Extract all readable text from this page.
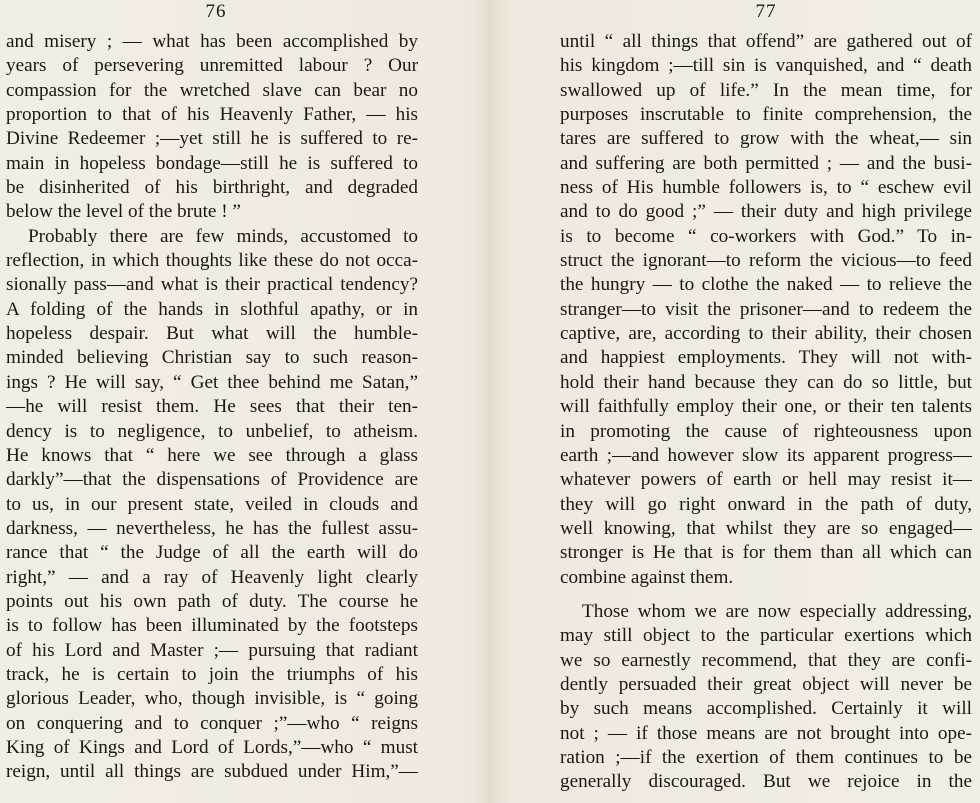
76
and misery ; — what has been accomplished by
years of persevering unremitted labour ? Our
compassion for the wretched slave can bear no
proportion to that of his Heavenly Father, — his
Divine Redeemer ;—yet still he is suffered to re-
main in hopeless bondage—still he is suffered to
be disinherited of his birthright, and degraded
below the level of the brute ! ”
Probably there are few minds, accustomed to
reflection, in which thoughts like these do not occa-
sionally pass—and what is their practical tendency?
A folding of the hands in slothful apathy, or in
hopeless despair. But what will the humble-
minded believing Christian say to such reason-
ings ? He will say, “ Get thee behind me Satan,”
—he will resist them. He sees that their ten-
dency is to negligence, to unbelief, to atheism.
He knows that “ here we see through a glass
darkly”—that the dispensations of Providence are
to us, in our present state, veiled in clouds and
darkness, — nevertheless, he has the fullest assu-
rance that “ the Judge of all the earth will do
right,” — and a ray of Heavenly light clearly
points out his own path of duty. The course he
is to follow has been illuminated by the footsteps
of his Lord and Master ;— pursuing that radiant
track, he is certain to join the triumphs of his
glorious Leader, who, though invisible, is “ going
on conquering and to conquer ;”—who “ reigns
King of Kings and Lord of Lords,”—who “ must
reign, until all things are subdued under Him,”—
77
until “ all things that offend” are gathered out of
his kingdom ;—till sin is vanquished, and “ death
swallowed up of life.” In the mean time, for
purposes inscrutable to finite comprehension, the
tares are suffered to grow with the wheat,— sin
and suffering are both permitted ; — and the busi-
ness of His humble followers is, to “ eschew evil
and to do good ;” — their duty and high privilege
is to become “ co-workers with God.” To in-
struct the ignorant—to reform the vicious—to feed
the hungry — to clothe the naked — to relieve the
stranger—to visit the prisoner—and to redeem the
captive, are, according to their ability, their chosen
and happiest employments. They will not with-
hold their hand because they can do so little, but
will faithfully employ their one, or their ten talents
in promoting the cause of righteousness upon
earth ;—and however slow its apparent progress—
whatever powers of earth or hell may resist it—
they will go right onward in the path of duty,
well knowing, that whilst they are so engaged—
stronger is He that is for them than all which can
combine against them.
Those whom we are now especially addressing,
may still object to the particular exertions which
we so earnestly recommend, that they are confi-
dently persuaded their great object will never be
by such means accomplished. Certainly it will
not ; — if those means are not brought into ope-
ration ;—if the exertion of them continues to be
generally discouraged. But we rejoice in the
